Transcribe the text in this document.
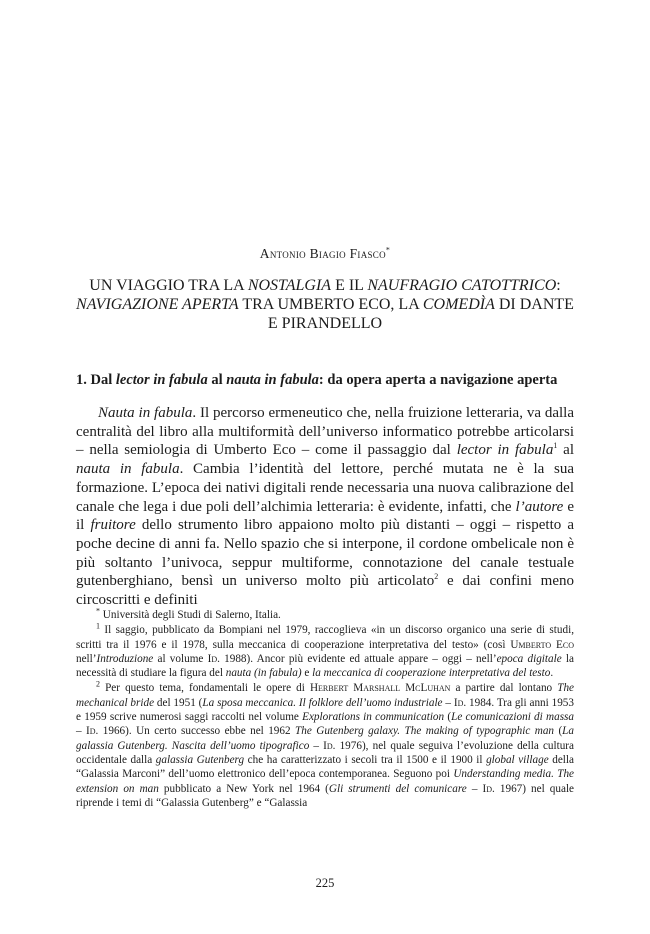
Antonio Biagio Fiasco*
UN VIAGGIO TRA LA NOSTALGIA E IL NAUFRAGIO CATOTTRICO: NAVIGAZIONE APERTA TRA UMBERTO ECO, LA COMEDÌA DI DANTE E PIRANDELLO
1. Dal lector in fabula al nauta in fabula: da opera aperta a navigazione aperta

Nauta in fabula. Il percorso ermeneutico che, nella fruizione letteraria, va dalla centralità del libro alla multiformità dell’universo informatico potrebbe articolarsi – nella semiologia di Umberto Eco – come il passaggio dal lector in fabula$^1$ al nauta in fabula. Cambia l’identità del lettore, perché mutata ne è la sua formazione. L’epoca dei nativi digitali rende necessaria una nuova calibrazione del canale che lega i due poli dell’alchimia letteraria: è evidente, infatti, che l’autore e il fruitore dello strumento libro appaiono molto più distanti – oggi – rispetto a poche decine di anni fa. Nello spazio che si interpone, il cordone ombelicale non è più soltanto l’univoca, seppur multiforme, connotazione del canale testuale gutenberghiano, bensì un universo molto più articolato$^2$ e dai confini meno circoscritti e definiti

* Università degli Studi di Salerno, Italia.

$^1$ Il saggio, pubblicato da Bompiani nel 1979, raccoglieva «in un discorso organico una serie di studi, scritti tra il 1976 e il 1978, sulla meccanica di cooperazione interpretativa del testo» (così Umberto Eco nell’Introduzione al volume Id. 1988). Ancor più evidente ed attuale appare – oggi – nell’epoca digitale la necessità di studiare la figura del nauta (in fabula) e la meccanica di cooperazione interpretativa del testo.

$^2$ Per questo tema, fondamentali le opere di Herbert Marshall McLuhan a partire dal lontano The mechanical bride del 1951 (La sposa meccanica. Il folklore dell’uomo industriale – Id. 1984. Tra gli anni 1953 e 1959 scrive numerosi saggi raccolti nel volume Explorations in communication (Le comunicazioni di massa – Id. 1966). Un certo successo ebbe nel 1962 The Gutenberg galaxy. The making of typographic man (La galassia Gutenberg. Nascita dell’uomo tipografico – Id. 1976), nel quale seguiva l’evoluzione della cultura occidentale dalla galassia Gutenberg che ha caratterizzato i secoli tra il 1500 e il 1900 il global village della “Galassia Marconi” dell’uomo elettronico dell’epoca contemporanea. Seguono poi Understanding media. The extension on man pubblicato a New York nel 1964 (Gli strumenti del comunicare – Id. 1967) nel quale riprende i temi di “Galassia Gutenberg” e “Galassia

225
